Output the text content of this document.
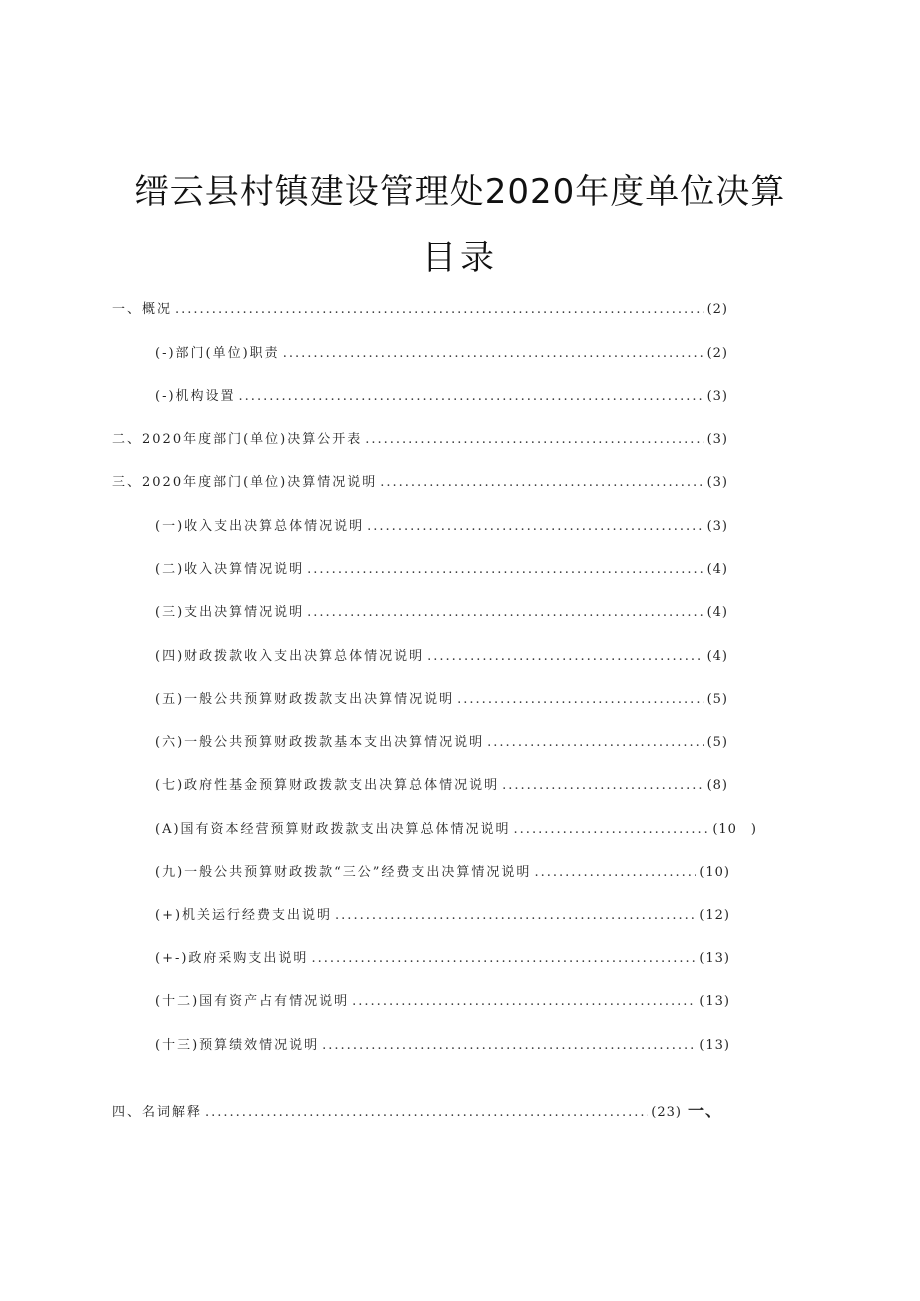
缙云县村镇建设管理处2020年度单位决算
目录
一、概况 .....	(2)
(-)部门(单位)职责 .....	(2)
(-)机构设置 .....	(3)
二、2020年度部门(单位)决算公开表 .....	(3)
三、2020年度部门(单位)决算情况说明 .....	(3)
(一)收入支出决算总体情况说明 .....	(3)
(二)收入决算情况说明 .....	(4)
(三)支出决算情况说明 .....	(4)
(四)财政拨款收入支出决算总体情况说明 .....	(4)
(五)一般公共预算财政拨款支出决算情况说明 .....	(5)
(六)一般公共预算财政拨款基本支出决算情况说明 .....	(5)
(七)政府性基金预算财政拨款支出决算总体情况说明 .....	(8)
(A)国有资本经营预算财政拨款支出决算总体情况说明 .....	(10　)
(九)一般公共预算财政拨款“三公”经费支出决算情况说明 .....	(10)
(+)机关运行经费支出说明 .....	(12)
(+-)政府采购支出说明 .....	(13)
(十二)国有资产占有情况说明 .....	(13)
(十三)预算绩效情况说明 .....	(13)
四、名词解释 .....	(23) 一、
